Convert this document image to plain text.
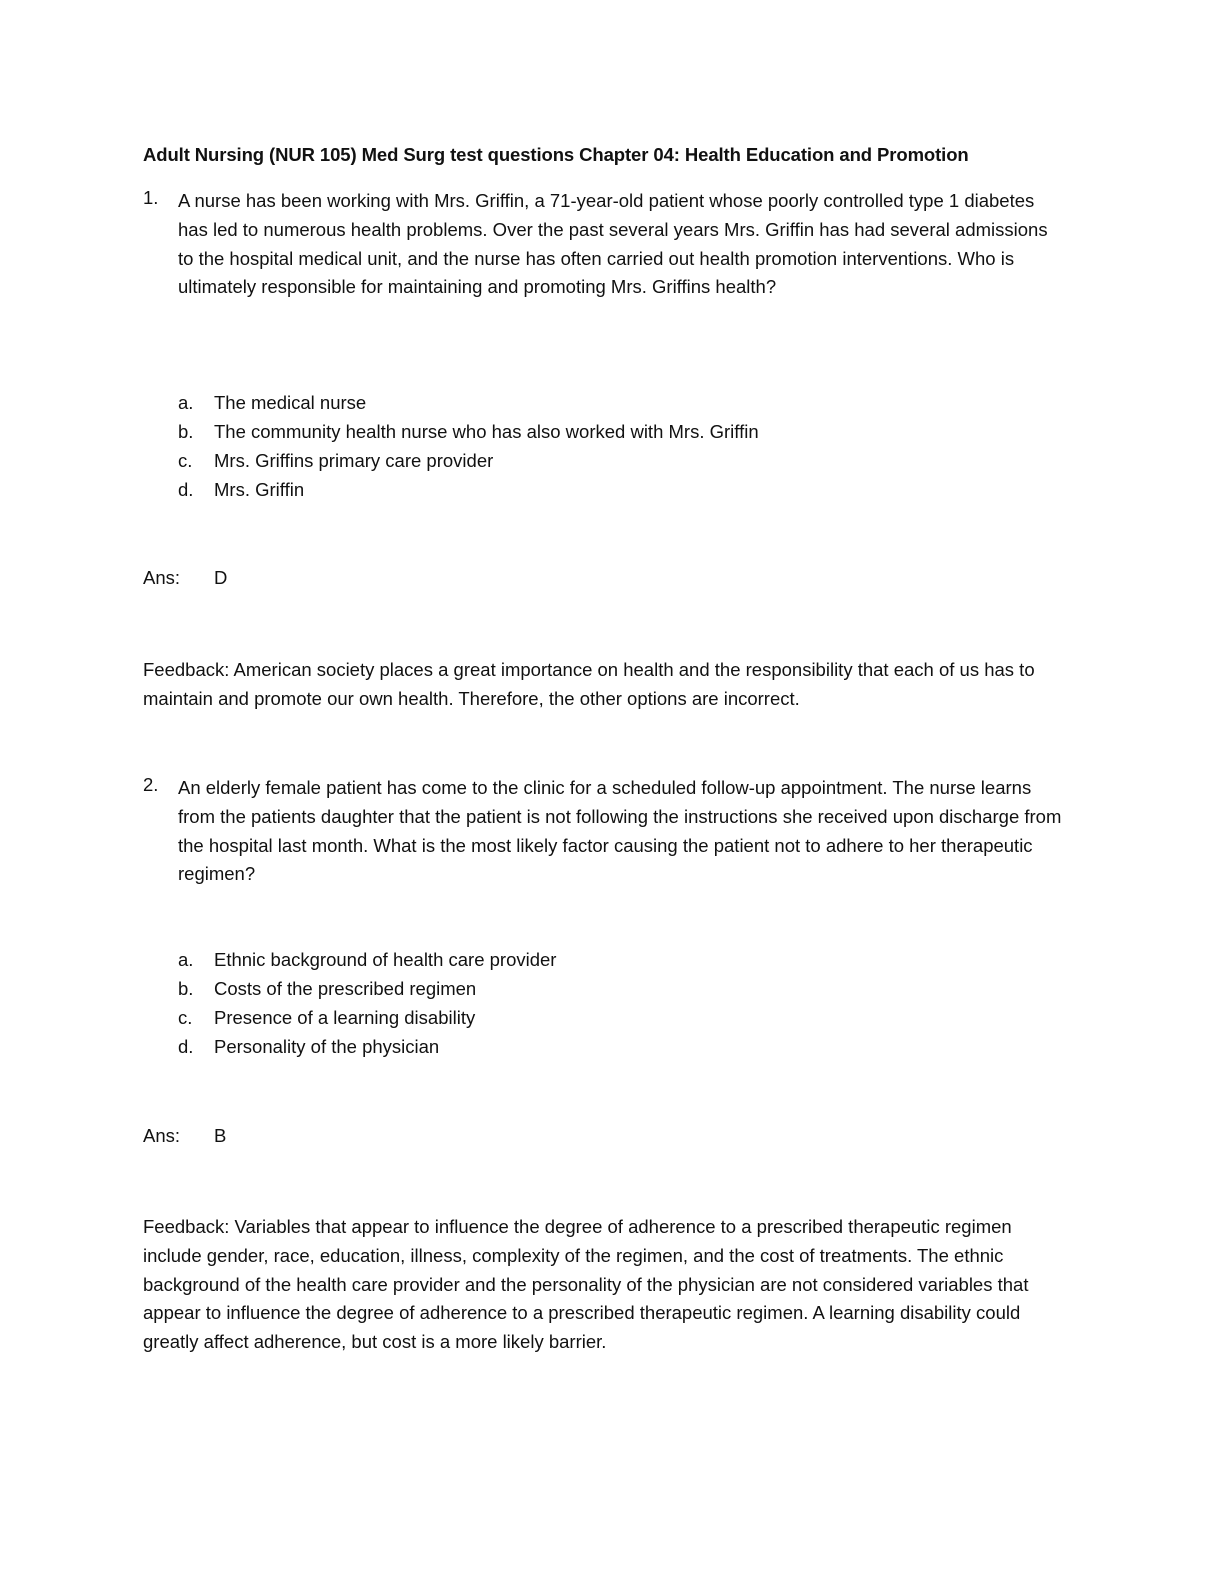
Adult Nursing (NUR 105) Med Surg test questions Chapter 04: Health Education and Promotion
1. A nurse has been working with Mrs. Griffin, a 71-year-old patient whose poorly controlled type 1 diabetes has led to numerous health problems. Over the past several years Mrs. Griffin has had several admissions to the hospital medical unit, and the nurse has often carried out health promotion interventions. Who is ultimately responsible for maintaining and promoting Mrs. Griffins health?
a. The medical nurse
b. The community health nurse who has also worked with Mrs. Griffin
c. Mrs. Griffins primary care provider
d. Mrs. Griffin
Ans: D
Feedback: American society places a great importance on health and the responsibility that each of us has to maintain and promote our own health. Therefore, the other options are incorrect.
2. An elderly female patient has come to the clinic for a scheduled follow-up appointment. The nurse learns from the patients daughter that the patient is not following the instructions she received upon discharge from the hospital last month. What is the most likely factor causing the patient not to adhere to her therapeutic regimen?
a. Ethnic background of health care provider
b. Costs of the prescribed regimen
c. Presence of a learning disability
d. Personality of the physician
Ans: B
Feedback: Variables that appear to influence the degree of adherence to a prescribed therapeutic regimen include gender, race, education, illness, complexity of the regimen, and the cost of treatments. The ethnic background of the health care provider and the personality of the physician are not considered variables that appear to influence the degree of adherence to a prescribed therapeutic regimen. A learning disability could greatly affect adherence, but cost is a more likely barrier.
